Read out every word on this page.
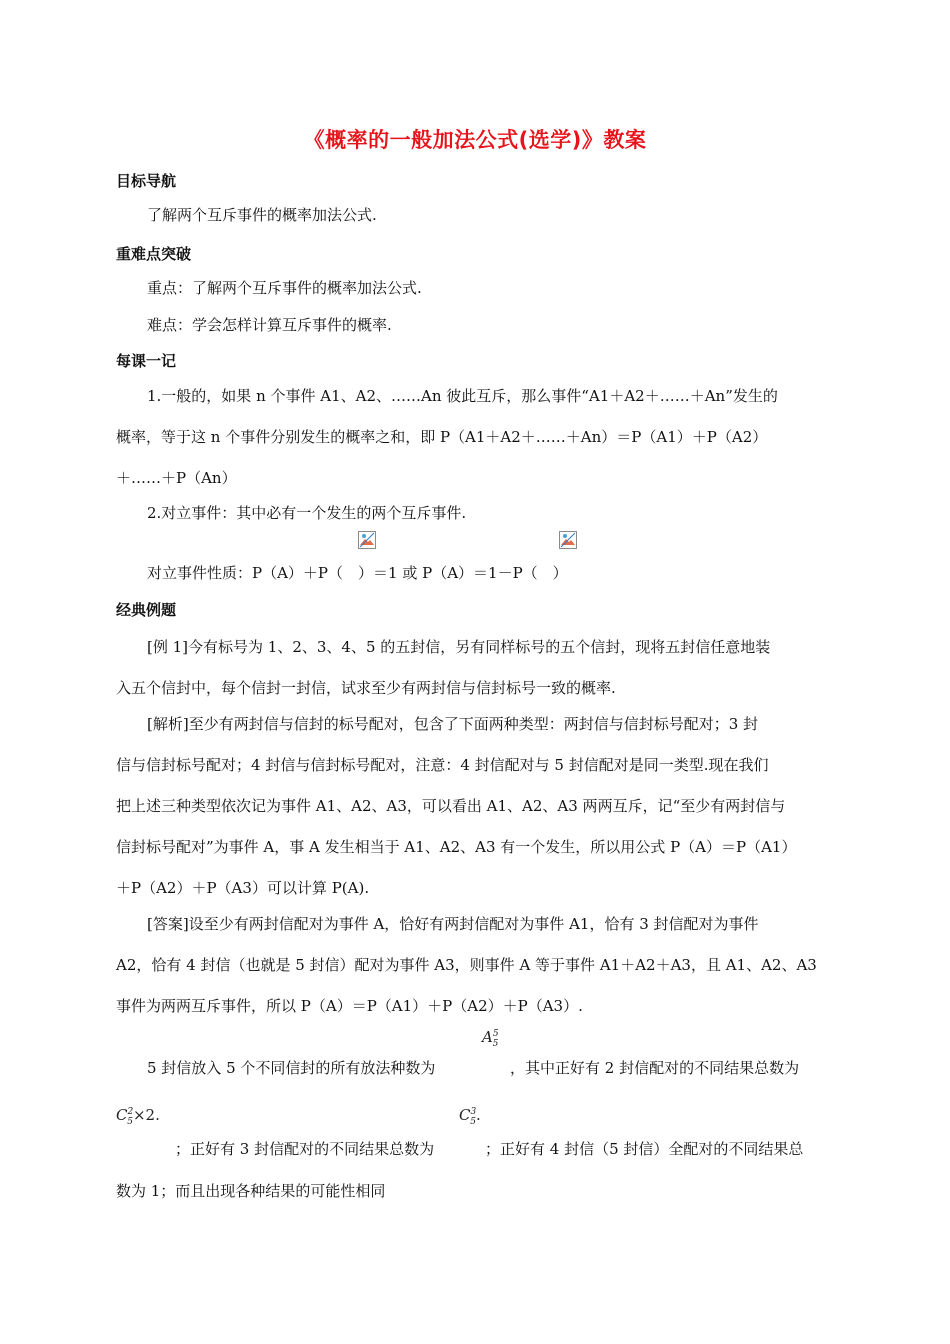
《概率的一般加法公式(选学)》教案
目标导航
了解两个互斥事件的概率加法公式.
重难点突破
重点：了解两个互斥事件的概率加法公式.
难点：学会怎样计算互斥事件的概率.
每课一记
1.一般的，如果 n 个事件 A1、A2、……An 彼此互斥，那么事件“A1＋A2＋……＋An”发生的
概率，等于这 n 个事件分别发生的概率之和，即 P（A1＋A2＋……＋An）＝P（A1）＋P（A2）
＋……＋P（An）
2.对立事件：其中必有一个发生的两个互斥事件.
对立事件性质：P（A）＋P（　）＝1 或 P（A）＝1－P（　）
经典例题
[例 1]今有标号为 1、2、3、4、5 的五封信，另有同样标号的五个信封，现将五封信任意地装
入五个信封中，每个信封一封信，试求至少有两封信与信封标号一致的概率.
[解析]至少有两封信与信封的标号配对，包含了下面两种类型：两封信与信封标号配对；3 封
信与信封标号配对；4 封信与信封标号配对，注意：4 封信配对与 5 封信配对是同一类型.现在我们
把上述三种类型依次记为事件 A1、A2、A3，可以看出 A1、A2、A3 两两互斥，记“至少有两封信与
信封标号配对”为事件 A，事 A 发生相当于 A1、A2、A3 有一个发生，所以用公式 P（A）＝P（A1）
＋P（A2）＋P（A3）可以计算 P(A).
[答案]设至少有两封信配对为事件 A，恰好有两封信配对为事件 A1，恰有 3 封信配对为事件
A2，恰有 4 封信（也就是 5 封信）配对为事件 A3，则事件 A 等于事件 A1＋A2＋A3，且 A1、A2、A3
事件为两两互斥事件，所以 P（A）＝P（A1）＋P（A2）＋P（A3）.
$A^5_5$
5 封信放入 5 个不同信封的所有放法种数为	，其中正好有 2 封信配对的不同结果总数为
$C^2_5\times 2$.	$C^3_5$.
；正好有 3 封信配对的不同结果总数为	；正好有 4 封信（5 封信）全配对的不同结果总
数为 1；而且出现各种结果的可能性相同
